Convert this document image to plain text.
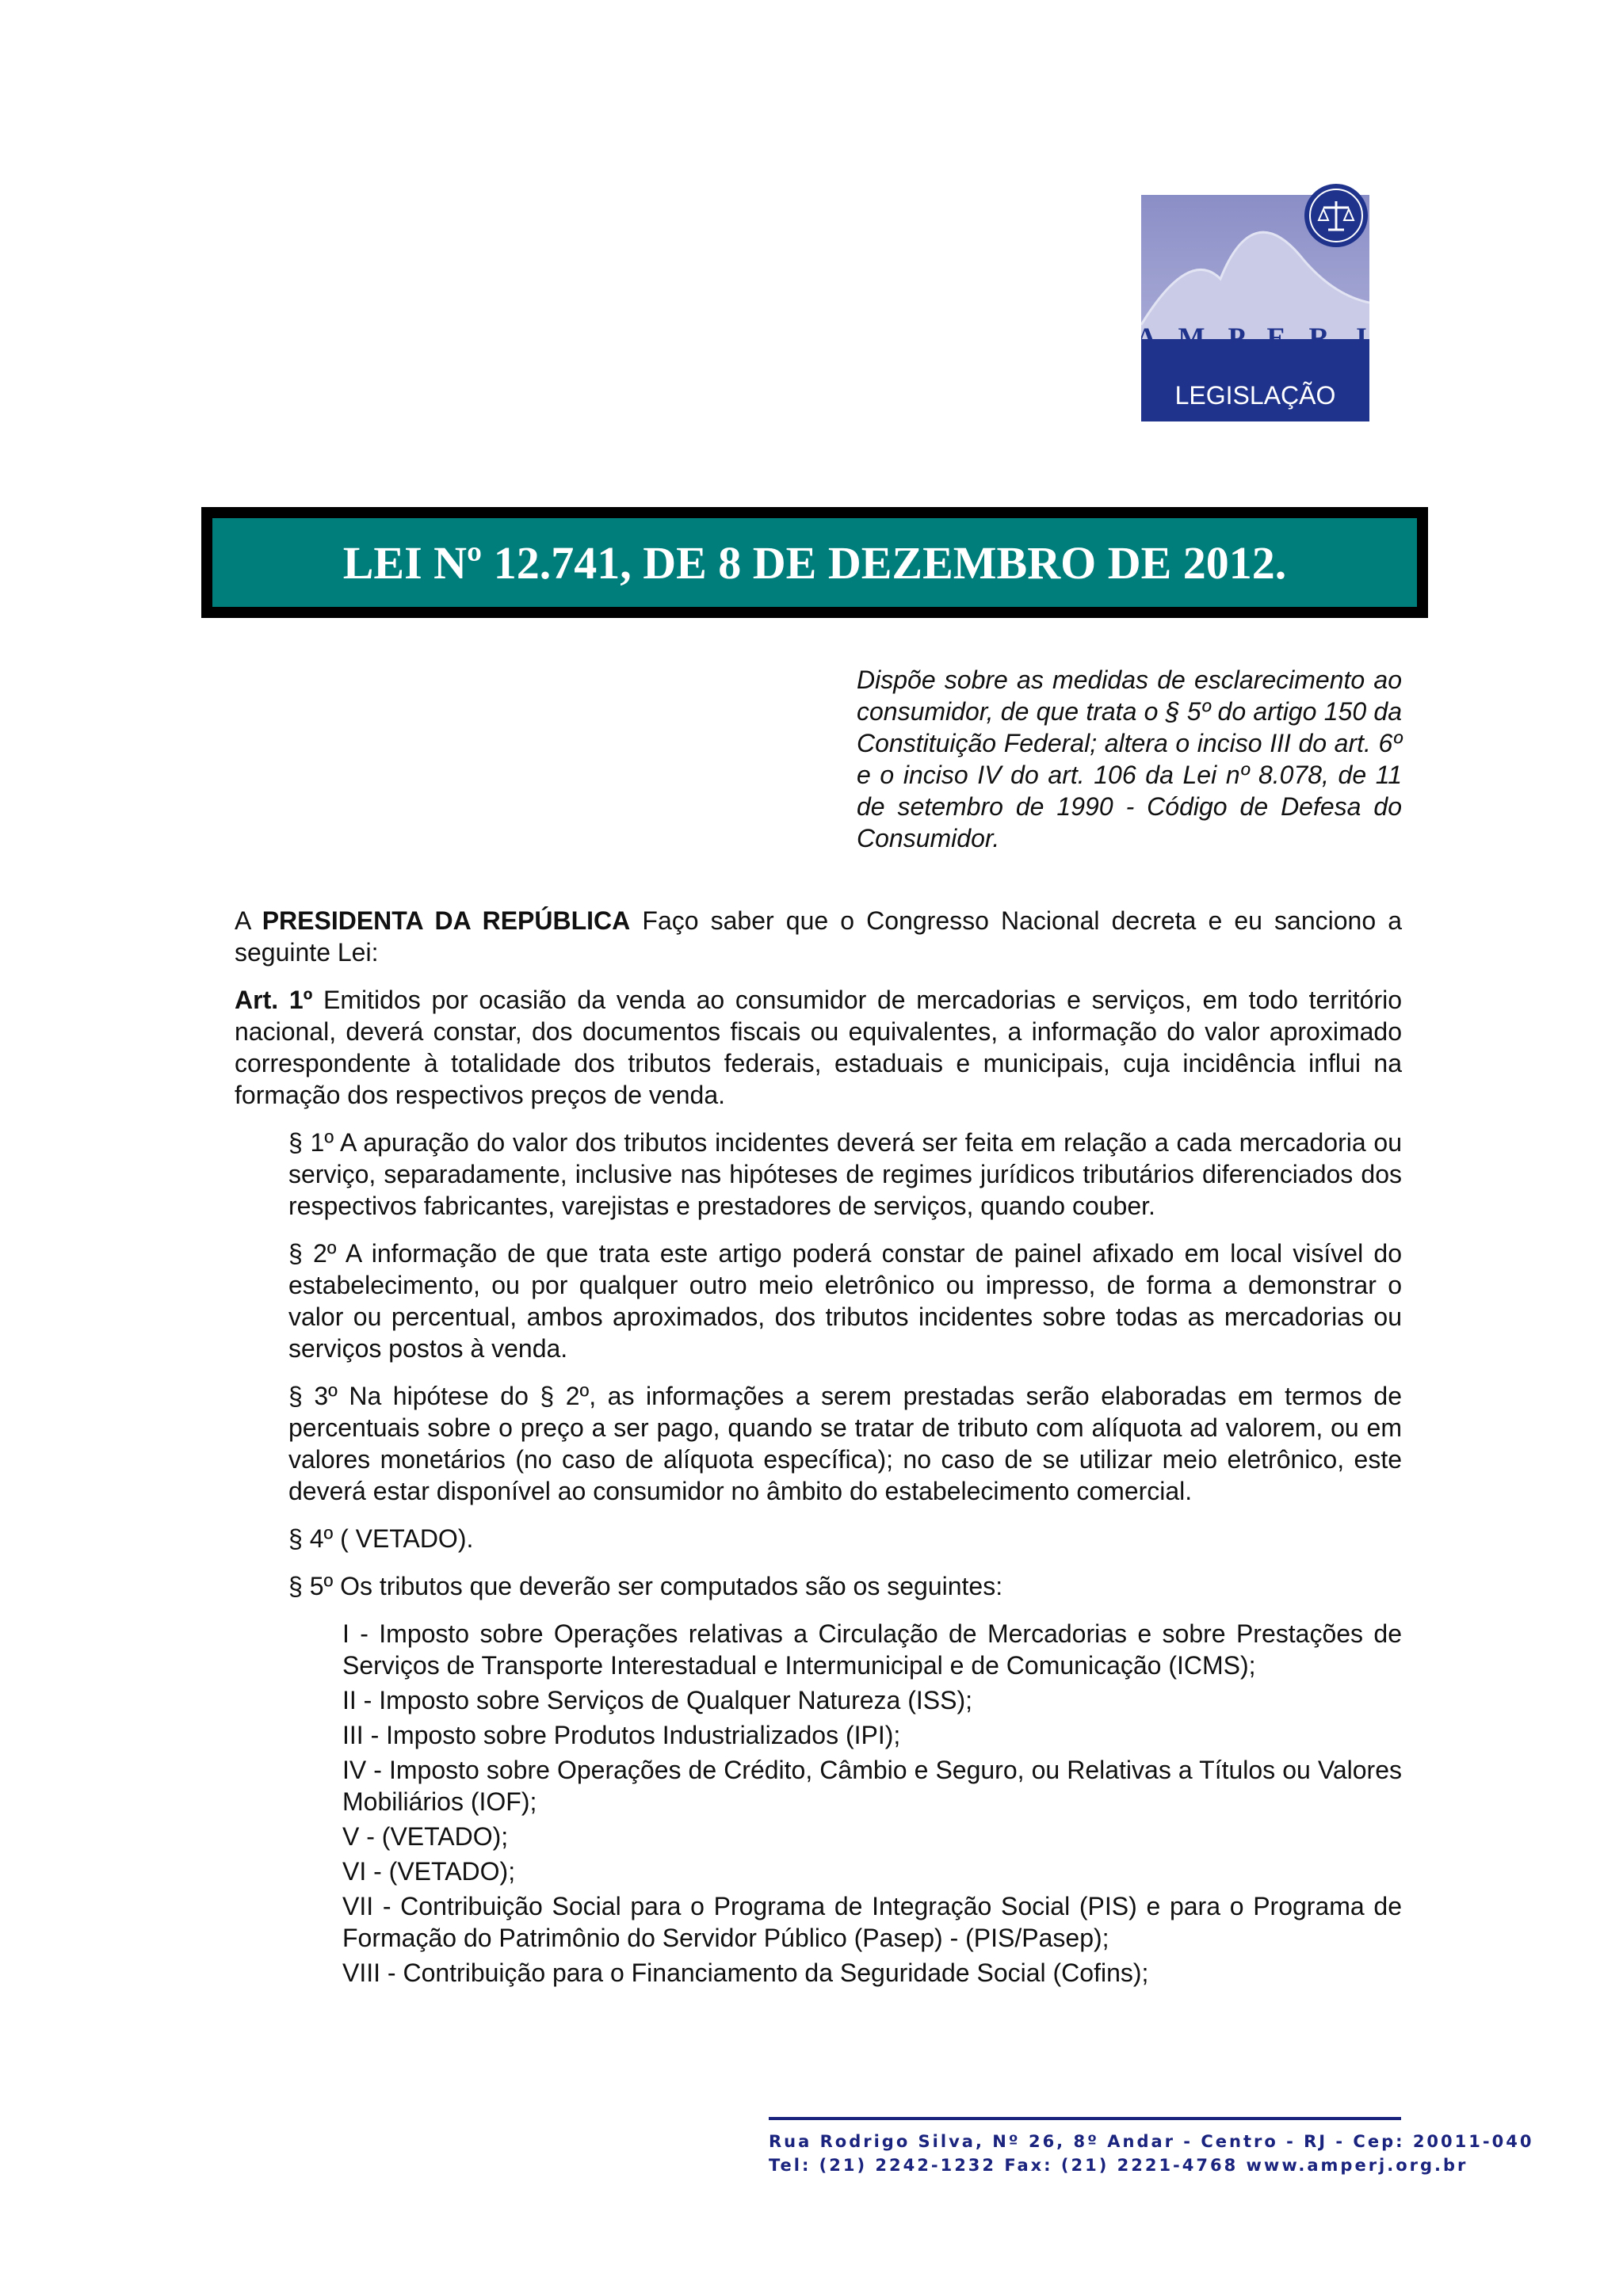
A M P E R J
LEGISLAÇÃO
LEI Nº 12.741, DE 8 DE DEZEMBRO DE 2012.
Dispõe sobre as medidas de esclarecimento ao consumidor, de que trata o § 5º do artigo 150 da Constituição Federal; altera o inciso III do art. 6º e o inciso IV do art. 106 da Lei nº 8.078, de 11 de setembro de 1990 - Código de Defesa do Consumidor.

A PRESIDENTA DA REPÚBLICA Faço saber que o Congresso Nacional decreta e eu sanciono a seguinte Lei:

Art. 1º Emitidos por ocasião da venda ao consumidor de mercadorias e serviços, em todo território nacional, deverá constar, dos documentos fiscais ou equivalentes, a informação do valor aproximado correspondente à totalidade dos tributos federais, estaduais e municipais, cuja incidência influi na formação dos respectivos preços de venda.

§ 1º A apuração do valor dos tributos incidentes deverá ser feita em relação a cada mercadoria ou serviço, separadamente, inclusive nas hipóteses de regimes jurídicos tributários diferenciados dos respectivos fabricantes, varejistas e prestadores de serviços, quando couber.

§ 2º A informação de que trata este artigo poderá constar de painel afixado em local visível do estabelecimento, ou por qualquer outro meio eletrônico ou impresso, de forma a demonstrar o valor ou percentual, ambos aproximados, dos tributos incidentes sobre todas as mercadorias ou serviços postos à venda.

§ 3º Na hipótese do § 2º, as informações a serem prestadas serão elaboradas em termos de percentuais sobre o preço a ser pago, quando se tratar de tributo com alíquota ad valorem, ou em valores monetários (no caso de alíquota específica); no caso de se utilizar meio eletrônico, este deverá estar disponível ao consumidor no âmbito do estabelecimento comercial.

§ 4º ( VETADO).

§ 5º Os tributos que deverão ser computados são os seguintes:

I - Imposto sobre Operações relativas a Circulação de Mercadorias e sobre Prestações de Serviços de Transporte Interestadual e Intermunicipal e de Comunicação (ICMS);

II - Imposto sobre Serviços de Qualquer Natureza (ISS);

III - Imposto sobre Produtos Industrializados (IPI);

IV - Imposto sobre Operações de Crédito, Câmbio e Seguro, ou Relativas a Títulos ou Valores Mobiliários (IOF);

V - (VETADO);

VI - (VETADO);

VII - Contribuição Social para o Programa de Integração Social (PIS) e para o Programa de Formação do Patrimônio do Servidor Público (Pasep) - (PIS/Pasep);

VIII - Contribuição para o Financiamento da Seguridade Social (Cofins);

Rua Rodrigo Silva, Nº 26, 8º Andar - Centro - RJ - Cep: 20011-040
Tel: (21) 2242-1232 Fax: (21) 2221-4768 www.amperj.org.br
